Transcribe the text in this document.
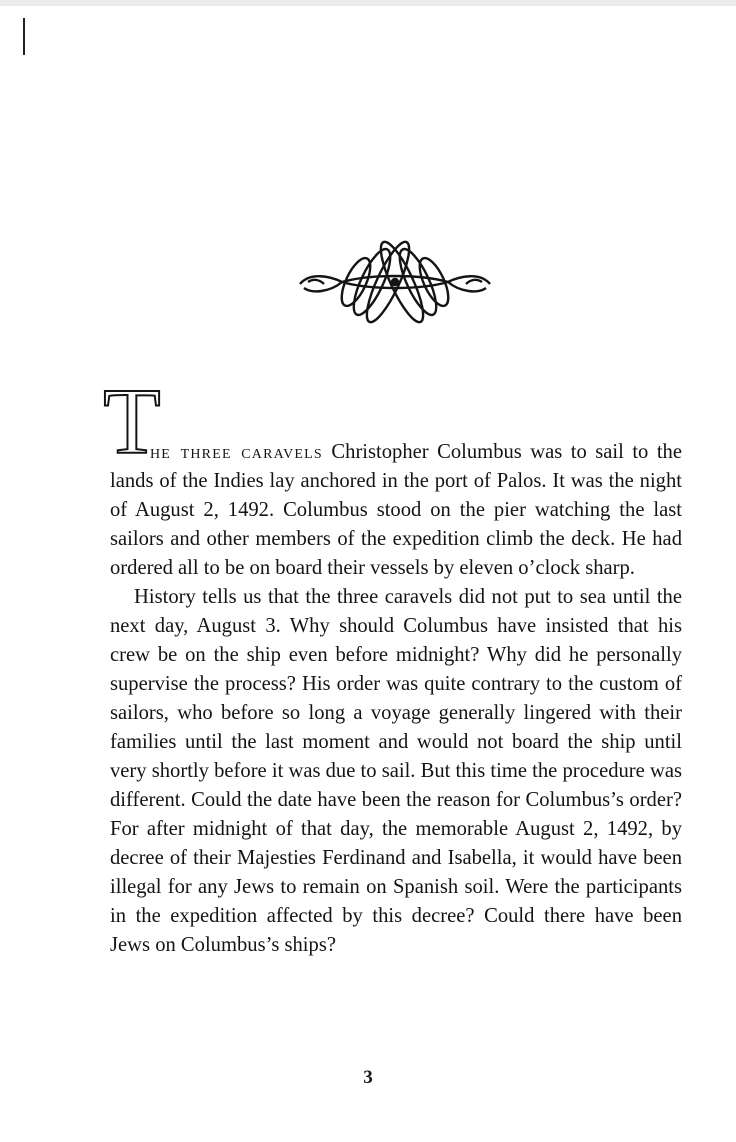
T

he three caravels Christopher Columbus was to sail to the lands of the Indies lay anchored in the port of Palos. It was the night of August 2, 1492. Columbus stood on the pier watching the last sailors and other members of the expedition climb the deck. He had ordered all to be on board their vessels by eleven o’clock sharp.

History tells us that the three caravels did not put to sea until the next day, August 3. Why should Columbus have insisted that his crew be on the ship even before midnight? Why did he personally supervise the process? His order was quite contrary to the custom of sailors, who before so long a voyage generally lingered with their families until the last moment and would not board the ship until very shortly before it was due to sail. But this time the procedure was different. Could the date have been the reason for Columbus’s order? For after midnight of that day, the memorable August 2, 1492, by decree of their Majesties Ferdinand and Isabella, it would have been illegal for any Jews to remain on Spanish soil. Were the participants in the expedition affected by this decree? Could there have been Jews on Columbus’s ships?

3
